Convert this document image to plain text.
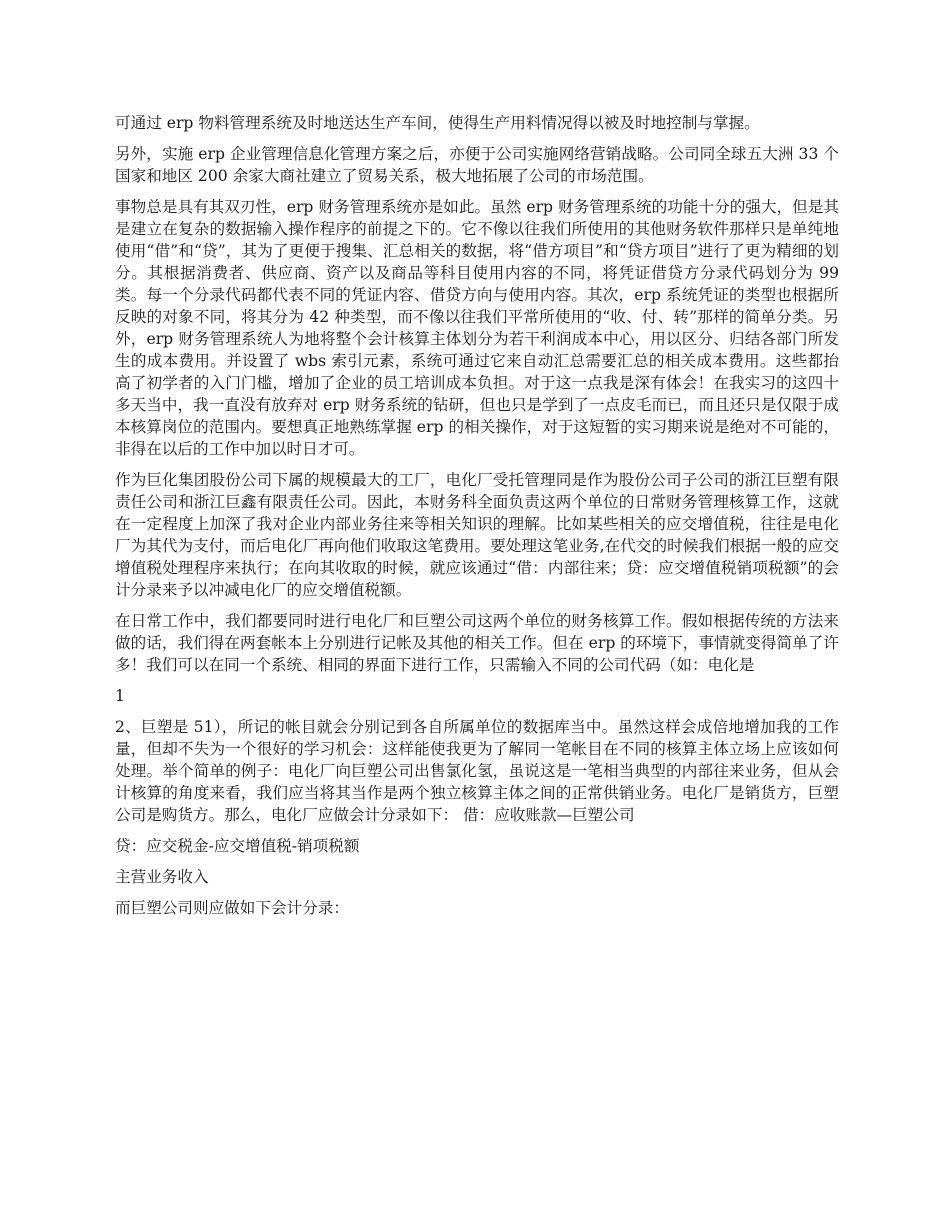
可通过 erp 物料管理系统及时地送达生产车间，使得生产用料情况得以被及时地控制与掌握。

另外，实施 erp 企业管理信息化管理方案之后，亦便于公司实施网络营销战略。公司同全球五大洲 33 个国家和地区 200 余家大商社建立了贸易关系，极大地拓展了公司的市场范围。

事物总是具有其双刃性，erp 财务管理系统亦是如此。虽然 erp 财务管理系统的功能十分的强大，但是其是建立在复杂的数据输入操作程序的前提之下的。它不像以往我们所使用的其他财务软件那样只是单纯地使用“借”和“贷”，其为了更便于搜集、汇总相关的数据，将“借方项目”和“贷方项目”进行了更为精细的划分。其根据消费者、供应商、资产以及商品等科目使用内容的不同，将凭证借贷方分录代码划分为 99 类。每一个分录代码都代表不同的凭证内容、借贷方向与使用内容。其次，erp 系统凭证的类型也根据所反映的对象不同，将其分为 42 种类型，而不像以往我们平常所使用的“收、付、转”那样的简单分类。另外，erp 财务管理系统人为地将整个会计核算主体划分为若干利润成本中心，用以区分、归结各部门所发生的成本费用。并设置了 wbs 索引元素，系统可通过它来自动汇总需要汇总的相关成本费用。这些都抬高了初学者的入门门槛，增加了企业的员工培训成本负担。对于这一点我是深有体会！在我实习的这四十多天当中，我一直没有放弃对 erp 财务系统的钻研，但也只是学到了一点皮毛而已，而且还只是仅限于成本核算岗位的范围内。要想真正地熟练掌握 erp 的相关操作，对于这短暂的实习期来说是绝对不可能的，非得在以后的工作中加以时日才可。

作为巨化集团股份公司下属的规模最大的工厂，电化厂受托管理同是作为股份公司子公司的浙江巨塑有限责任公司和浙江巨鑫有限责任公司。因此，本财务科全面负责这两个单位的日常财务管理核算工作，这就在一定程度上加深了我对企业内部业务往来等相关知识的理解。比如某些相关的应交增值税，往往是电化厂为其代为支付，而后电化厂再向他们收取这笔费用。要处理这笔业务,在代交的时候我们根据一般的应交增值税处理程序来执行；在向其收取的时候，就应该通过“借：内部往来；贷：应交增值税销项税额”的会计分录来予以冲减电化厂的应交增值税额。

在日常工作中，我们都要同时进行电化厂和巨塑公司这两个单位的财务核算工作。假如根据传统的方法来做的话，我们得在两套帐本上分别进行记帐及其他的相关工作。但在 erp 的环境下，事情就变得简单了许多！我们可以在同一个系统、相同的界面下进行工作，只需输入不同的公司代码（如：电化是

1

2、巨塑是 51），所记的帐目就会分别记到各自所属单位的数据库当中。虽然这样会成倍地增加我的工作量，但却不失为一个很好的学习机会：这样能使我更为了解同一笔帐目在不同的核算主体立场上应该如何处理。举个简单的例子：电化厂向巨塑公司出售氯化氢，虽说这是一笔相当典型的内部往来业务，但从会计核算的角度来看，我们应当将其当作是两个独立核算主体之间的正常供销业务。电化厂是销货方，巨塑公司是购货方。那么，电化厂应做会计分录如下： 借：应收账款—巨塑公司

贷：应交税金-应交增值税-销项税额

主营业务收入

而巨塑公司则应做如下会计分录：
